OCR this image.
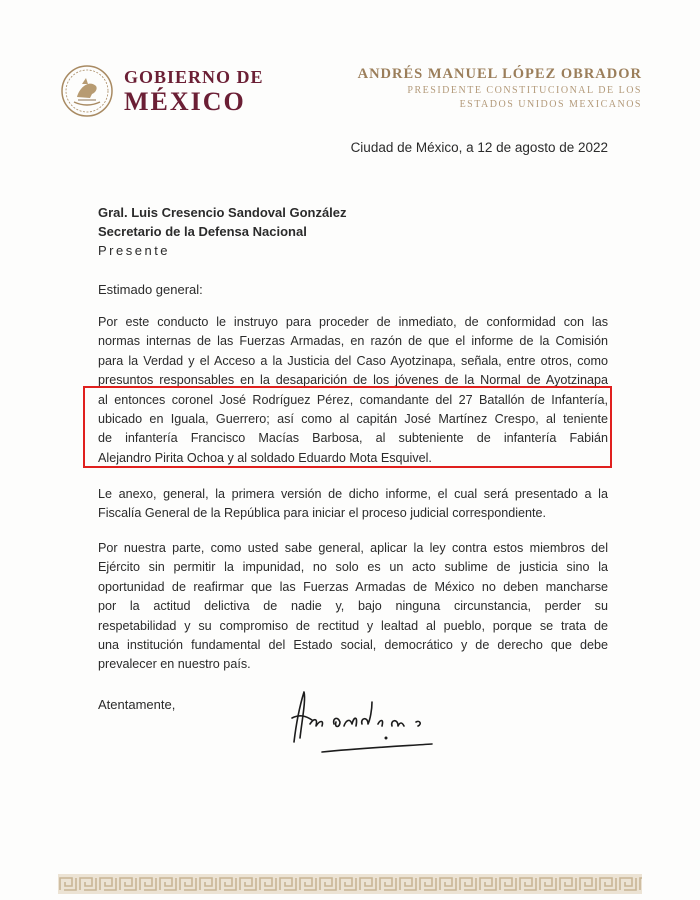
GOBIERNO DE
MÉXICO
ANDRÉS MANUEL LÓPEZ OBRADOR
PRESIDENTE CONSTITUCIONAL DE LOS
ESTADOS UNIDOS MEXICANOS
Ciudad de México, a 12 de agosto de 2022
Gral. Luis Cresencio Sandoval González
Secretario de la Defensa Nacional
Presente
Estimado general:
Por este conducto le instruyo para proceder de inmediato, de conformidad con las
normas internas de las Fuerzas Armadas, en razón de que el informe de la Comisión
para la Verdad y el Acceso a la Justicia del Caso Ayotzinapa, señala, entre otros, como
presuntos responsables en la desaparición de los jóvenes de la Normal de Ayotzinapa
al entonces coronel José Rodríguez Pérez, comandante del 27 Batallón de Infantería,
ubicado en Iguala, Guerrero; así como al capitán José Martínez Crespo, al teniente
de infantería Francisco Macías Barbosa, al subteniente de infantería Fabián
Alejandro Pirita Ochoa y al soldado Eduardo Mota Esquivel.
Le anexo, general, la primera versión de dicho informe, el cual será presentado a la
Fiscalía General de la República para iniciar el proceso judicial correspondiente.
Por nuestra parte, como usted sabe general, aplicar la ley contra estos miembros del
Ejército sin permitir la impunidad, no solo es un acto sublime de justicia sino la
oportunidad de reafirmar que las Fuerzas Armadas de México no deben mancharse
por la actitud delictiva de nadie y, bajo ninguna circunstancia, perder su
respetabilidad y su compromiso de rectitud y lealtad al pueblo, porque se trata de
una institución fundamental del Estado social, democrático y de derecho que debe
prevalecer en nuestro país.
Atentamente,
